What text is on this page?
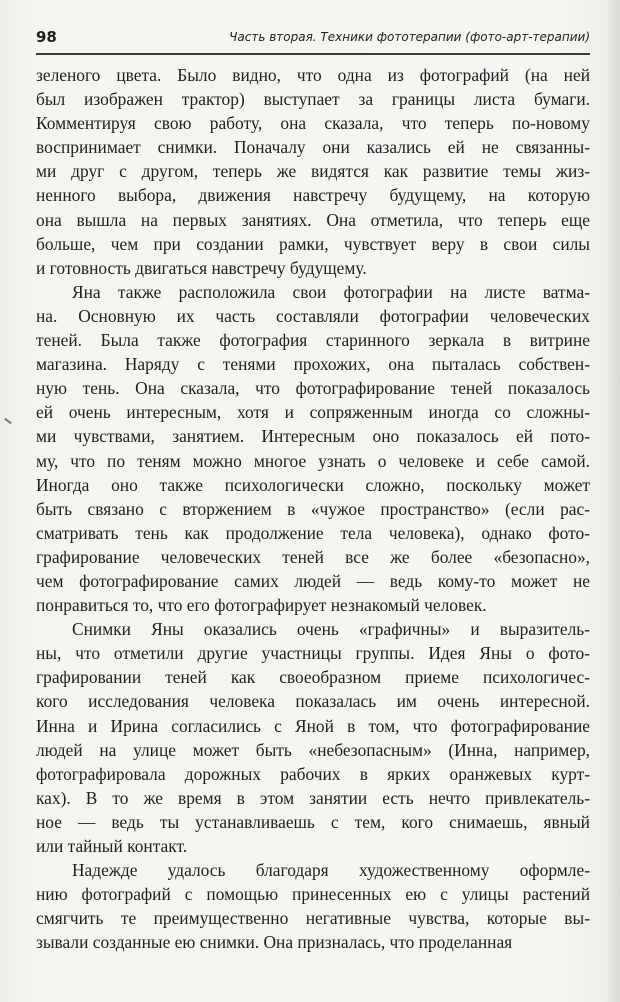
98	Часть вторая. Техники фототерапии (фото-арт-терапии)
зеленого цвета. Было видно, что одна из фотографий (на ней
был изображен трактор) выступает за границы листа бумаги.
Комментируя свою работу, она сказала, что теперь по-новому
воспринимает снимки. Поначалу они казались ей не связанны-
ми друг с другом, теперь же видятся как развитие темы жиз-
ненного выбора, движения навстречу будущему, на которую
она вышла на первых занятиях. Она отметила, что теперь еще
больше, чем при создании рамки, чувствует веру в свои силы
и готовность двигаться навстречу будущему.
Яна также расположила свои фотографии на листе ватма-
на. Основную их часть составляли фотографии человеческих
теней. Была также фотография старинного зеркала в витрине
магазина. Наряду с тенями прохожих, она пыталась собствен-
ную тень. Она сказала, что фотографирование теней показалось
ей очень интересным, хотя и сопряженным иногда со сложны-
ми чувствами, занятием. Интересным оно показалось ей пото-
му, что по теням можно многое узнать о человеке и себе самой.
Иногда оно также психологически сложно, поскольку может
быть связано с вторжением в «чужое пространство» (если рас-
сматривать тень как продолжение тела человека), однако фото-
графирование человеческих теней все же более «безопасно»,
чем фотографирование самих людей — ведь кому-то может не
понравиться то, что его фотографирует незнакомый человек.
Снимки Яны оказались очень «графичны» и выразитель-
ны, что отметили другие участницы группы. Идея Яны о фото-
графировании теней как своеобразном приеме психологичес-
кого исследования человека показалась им очень интересной.
Инна и Ирина согласились с Яной в том, что фотографирование
людей на улице может быть «небезопасным» (Инна, например,
фотографировала дорожных рабочих в ярких оранжевых курт-
ках). В то же время в этом занятии есть нечто привлекатель-
ное — ведь ты устанавливаешь с тем, кого снимаешь, явный
или тайный контакт.
Надежде удалось благодаря художественному оформле-
нию фотографий с помощью принесенных ею с улицы растений
смягчить те преимущественно негативные чувства, которые вы-
зывали созданные ею снимки. Она призналась, что проделанная
